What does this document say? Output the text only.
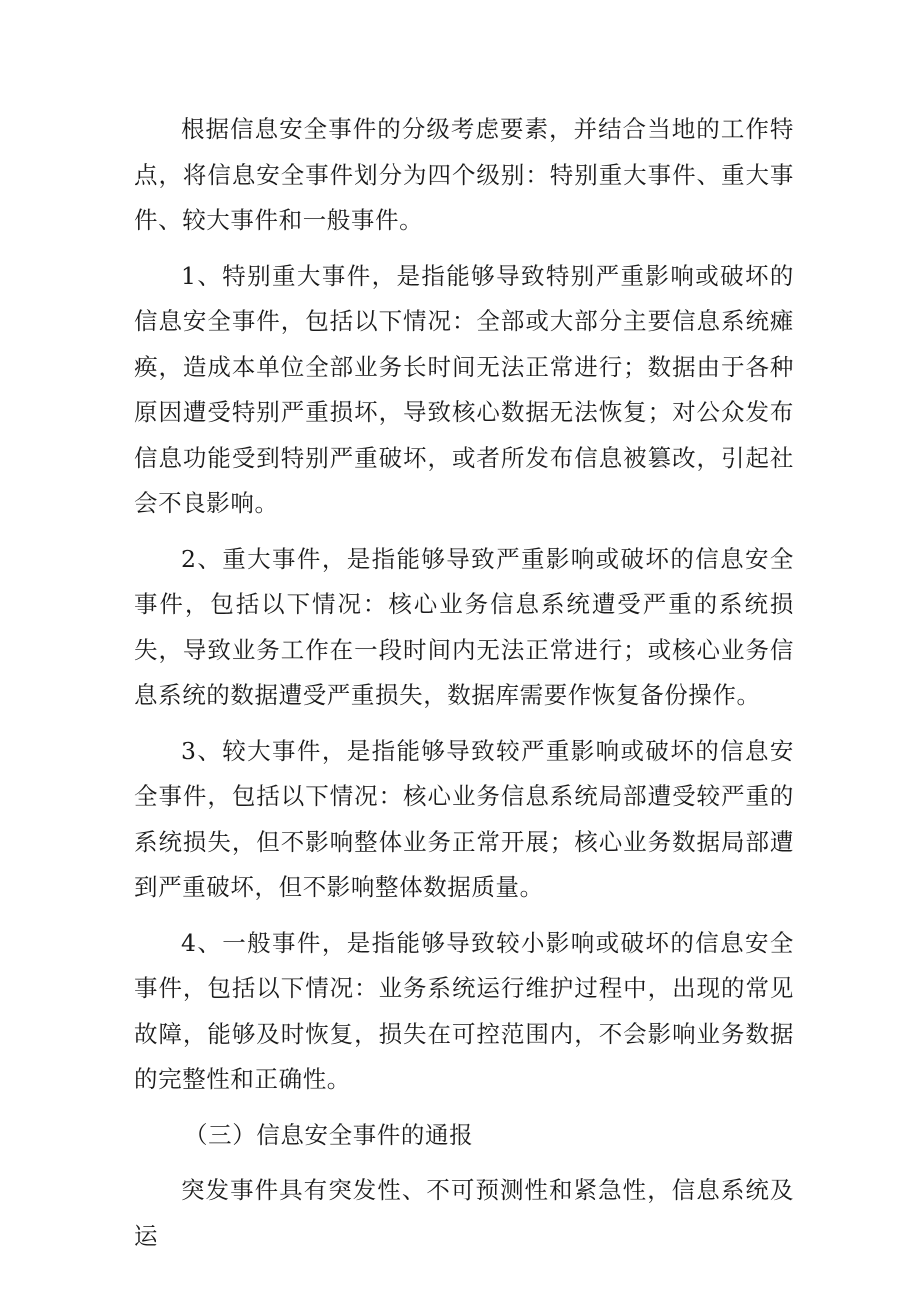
根据信息安全事件的分级考虑要素，并结合当地的工作特点，将信息安全事件划分为四个级别：特别重大事件、重大事件、较大事件和一般事件。

1、特别重大事件，是指能够导致特别严重影响或破坏的信息安全事件，包括以下情况：全部或大部分主要信息系统瘫痪，造成本单位全部业务长时间无法正常进行；数据由于各种原因遭受特别严重损坏，导致核心数据无法恢复；对公众发布信息功能受到特别严重破坏，或者所发布信息被篡改，引起社会不良影响。

2、重大事件，是指能够导致严重影响或破坏的信息安全事件，包括以下情况：核心业务信息系统遭受严重的系统损失，导致业务工作在一段时间内无法正常进行；或核心业务信息系统的数据遭受严重损失，数据库需要作恢复备份操作。

3、较大事件，是指能够导致较严重影响或破坏的信息安全事件，包括以下情况：核心业务信息系统局部遭受较严重的系统损失，但不影响整体业务正常开展；核心业务数据局部遭到严重破坏，但不影响整体数据质量。

4、一般事件，是指能够导致较小影响或破坏的信息安全事件，包括以下情况：业务系统运行维护过程中，出现的常见故障，能够及时恢复，损失在可控范围内，不会影响业务数据的完整性和正确性。

（三）信息安全事件的通报

突发事件具有突发性、不可预测性和紧急性，信息系统及运
